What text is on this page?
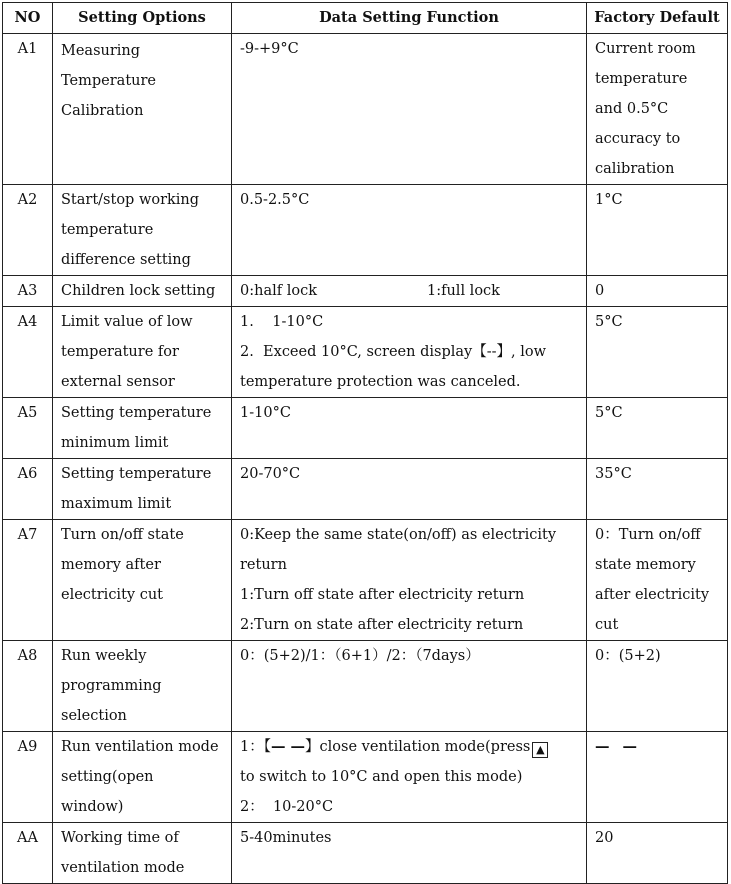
NO	Setting Options	Data Setting Function	Factory Default
A1	Measuring
Temperature
Calibration	-9-+9°C	Current room
temperature
and 0.5°C
accuracy to
calibration

A2	Start/stop working
temperature
difference setting	0.5-2.5°C	1°C

A3	Children lock setting	0:half lock 1:full lock	0

A4	Limit value of low
temperature for
external sensor	1.    1-10°C
2.  Exceed 10°C, screen display【--】, low
temperature protection was canceled.	5°C

A5	Setting temperature
minimum limit	1-10°C	5°C

A6	Setting temperature
maximum limit	20-70°C	35°C

A7	Turn on/off state
memory after
electricity cut	0:Keep the same state(on/off) as electricity
return
1:Turn off state after electricity return
2:Turn on state after electricity return	0：Turn on/off
state memory
after electricity
cut

A8	Run weekly
programming
selection	0：(5+2)/1：（6+1）/2：（7days）	0：(5+2)

A9	Run ventilation mode
setting(open
window)	1：【— —】close ventilation mode(press ▲
to switch to 10°C and open this mode)
2：  10-20°C	— —

AA	Working time of
ventilation mode	5-40minutes	20
